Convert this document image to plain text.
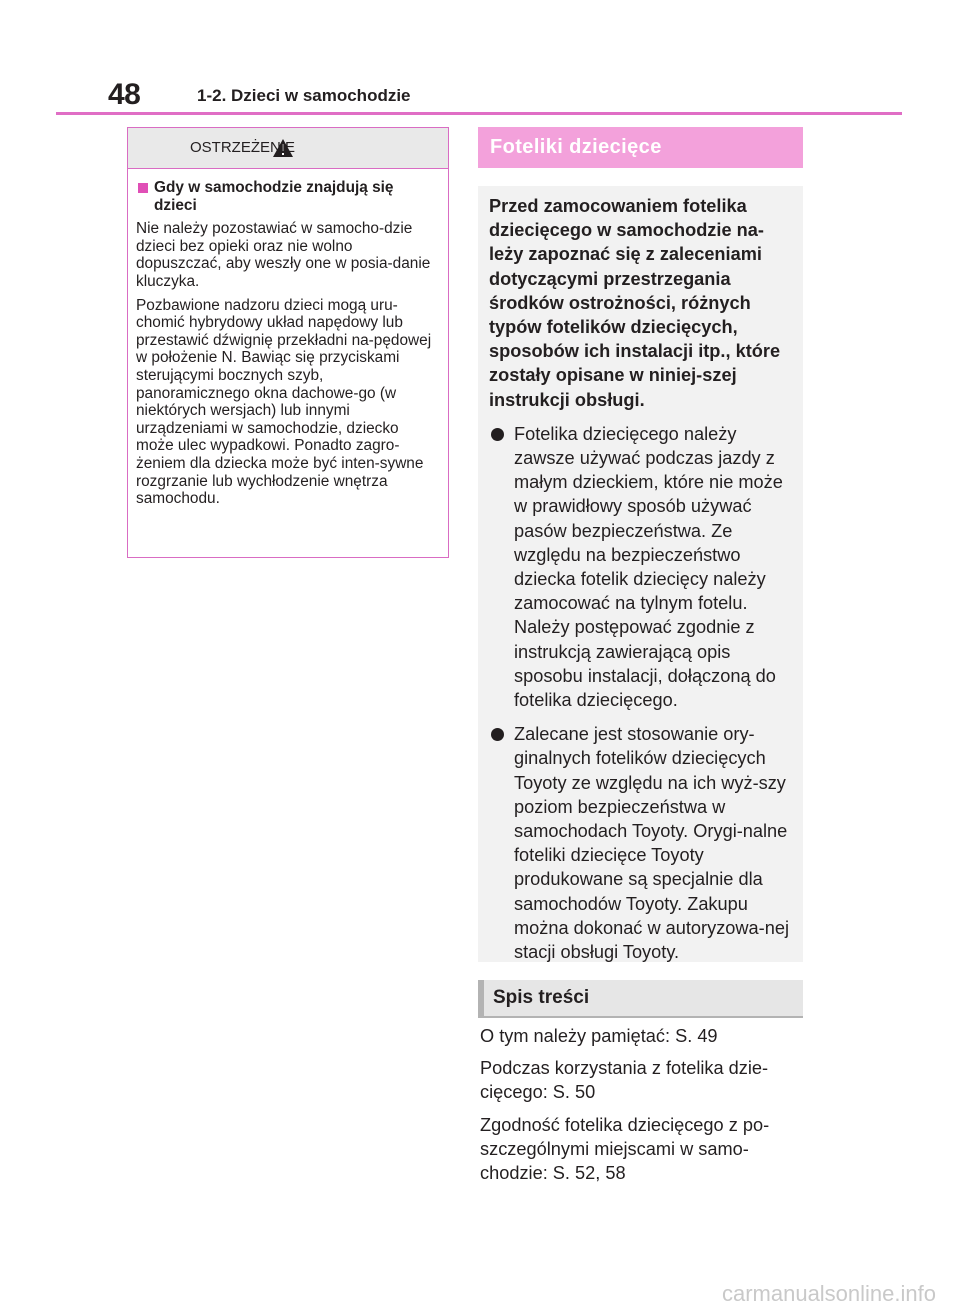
48	1-2. Dzieci w samochodzie
OSTRZEŻENIE
Gdy w samochodzie znajdują się dzieci

Nie należy pozostawiać w samocho-dzie dzieci bez opieki oraz nie wolno dopuszczać, aby weszły one w posia-danie kluczyka.

Pozbawione nadzoru dzieci mogą uru-chomić hybrydowy układ napędowy lub przestawić dźwignię przekładni na-pędowej w położenie N. Bawiąc się przyciskami sterującymi bocznych szyb, panoramicznego okna dachowe-go (w niektórych wersjach) lub innymi urządzeniami w samochodzie, dziecko może ulec wypadkowi. Ponadto zagro-żeniem dla dziecka może być inten-sywne rozgrzanie lub wychłodzenie wnętrza samochodu.

Foteliki dziecięce

Przed zamocowaniem fotelika dziecięcego w samochodzie na-leży zapoznać się z zaleceniami dotyczącymi przestrzegania środków ostrożności, różnych typów fotelików dziecięcych, sposobów ich instalacji itp., które zostały opisane w niniej-szej instrukcji obsługi.

Fotelika dziecięcego należy zawsze używać podczas jazdy z małym dzieckiem, które nie może w prawidłowy sposób używać pasów bezpieczeństwa. Ze względu na bezpieczeństwo dziecka fotelik dziecięcy należy zamocować na tylnym fotelu. Należy postępować zgodnie z instrukcją zawierającą opis sposobu instalacji, dołączoną do fotelika dziecięcego.
Zalecane jest stosowanie ory-ginalnych fotelików dziecięcych Toyoty ze względu na ich wyż-szy poziom bezpieczeństwa w samochodach Toyoty. Orygi-nalne foteliki dziecięce Toyoty produkowane są specjalnie dla samochodów Toyoty. Zakupu można dokonać w autoryzowa-nej stacji obsługi Toyoty.
Spis treści

O tym należy pamiętać: S. 49

Podczas korzystania z fotelika dzie-cięcego: S. 50

Zgodność fotelika dziecięcego z po-szczególnymi miejscami w samo-chodzie: S. 52, 58

carmanualsonline.info
